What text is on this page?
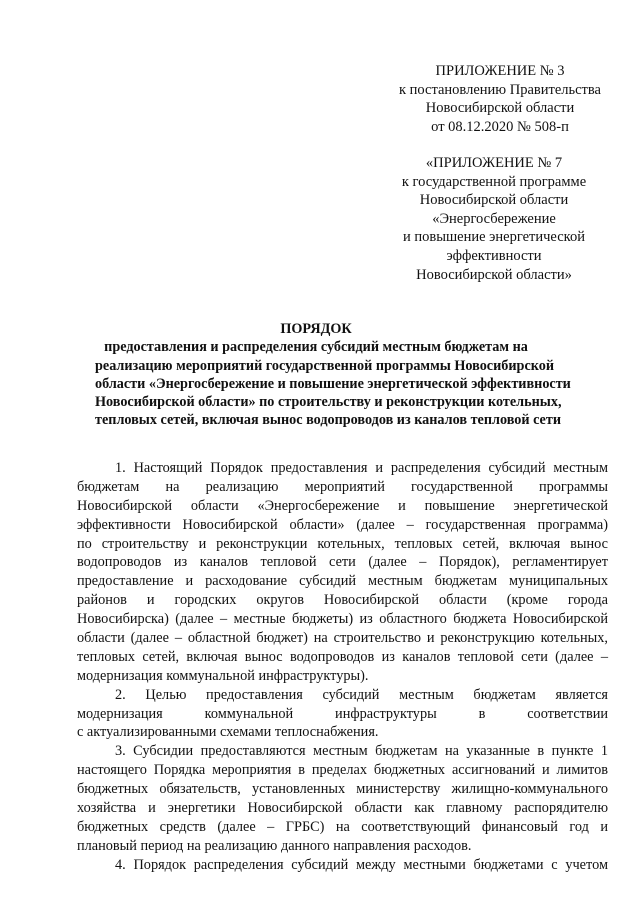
ПРИЛОЖЕНИЕ № 3
к постановлению Правительства
Новосибирской области
от 08.12.2020 № 508-п
«ПРИЛОЖЕНИЕ № 7
к государственной программе
Новосибирской области
«Энергосбережение
и повышение энергетической
эффективности
Новосибирской области»
ПОРЯДОК
предоставления и распределения субсидий местным бюджетам на
реализацию мероприятий государственной программы Новосибирской
области «Энергосбережение и повышение энергетической эффективности
Новосибирской области» по строительству и реконструкции котельных,
тепловых сетей, включая вынос водопроводов из каналов тепловой сети
1. Настоящий Порядок предоставления и распределения субсидий местным
бюджетам на реализацию мероприятий государственной программы
Новосибирской области «Энергосбережение и повышение энергетической
эффективности Новосибирской области» (далее – государственная программа)
по строительству и реконструкции котельных, тепловых сетей, включая вынос
водопроводов из каналов тепловой сети (далее – Порядок), регламентирует
предоставление и расходование субсидий местным бюджетам муниципальных
районов и городских округов Новосибирской области (кроме города
Новосибирска) (далее – местные бюджеты) из областного бюджета Новосибирской
области (далее – областной бюджет) на строительство и реконструкцию котельных,
тепловых сетей, включая вынос водопроводов из каналов тепловой сети (далее –
модернизация коммунальной инфраструктуры).
2. Целью предоставления субсидий местным бюджетам является
модернизация коммунальной инфраструктуры в соответствии
с актуализированными схемами теплоснабжения.
3. Субсидии предоставляются местным бюджетам на указанные в пункте 1
настоящего Порядка мероприятия в пределах бюджетных ассигнований и лимитов
бюджетных обязательств, установленных министерству жилищно-коммунального
хозяйства и энергетики Новосибирской области как главному распорядителю
бюджетных средств (далее – ГРБС) на соответствующий финансовый год и
плановый период на реализацию данного направления расходов.
4. Порядок распределения субсидий между местными бюджетами с учетом
